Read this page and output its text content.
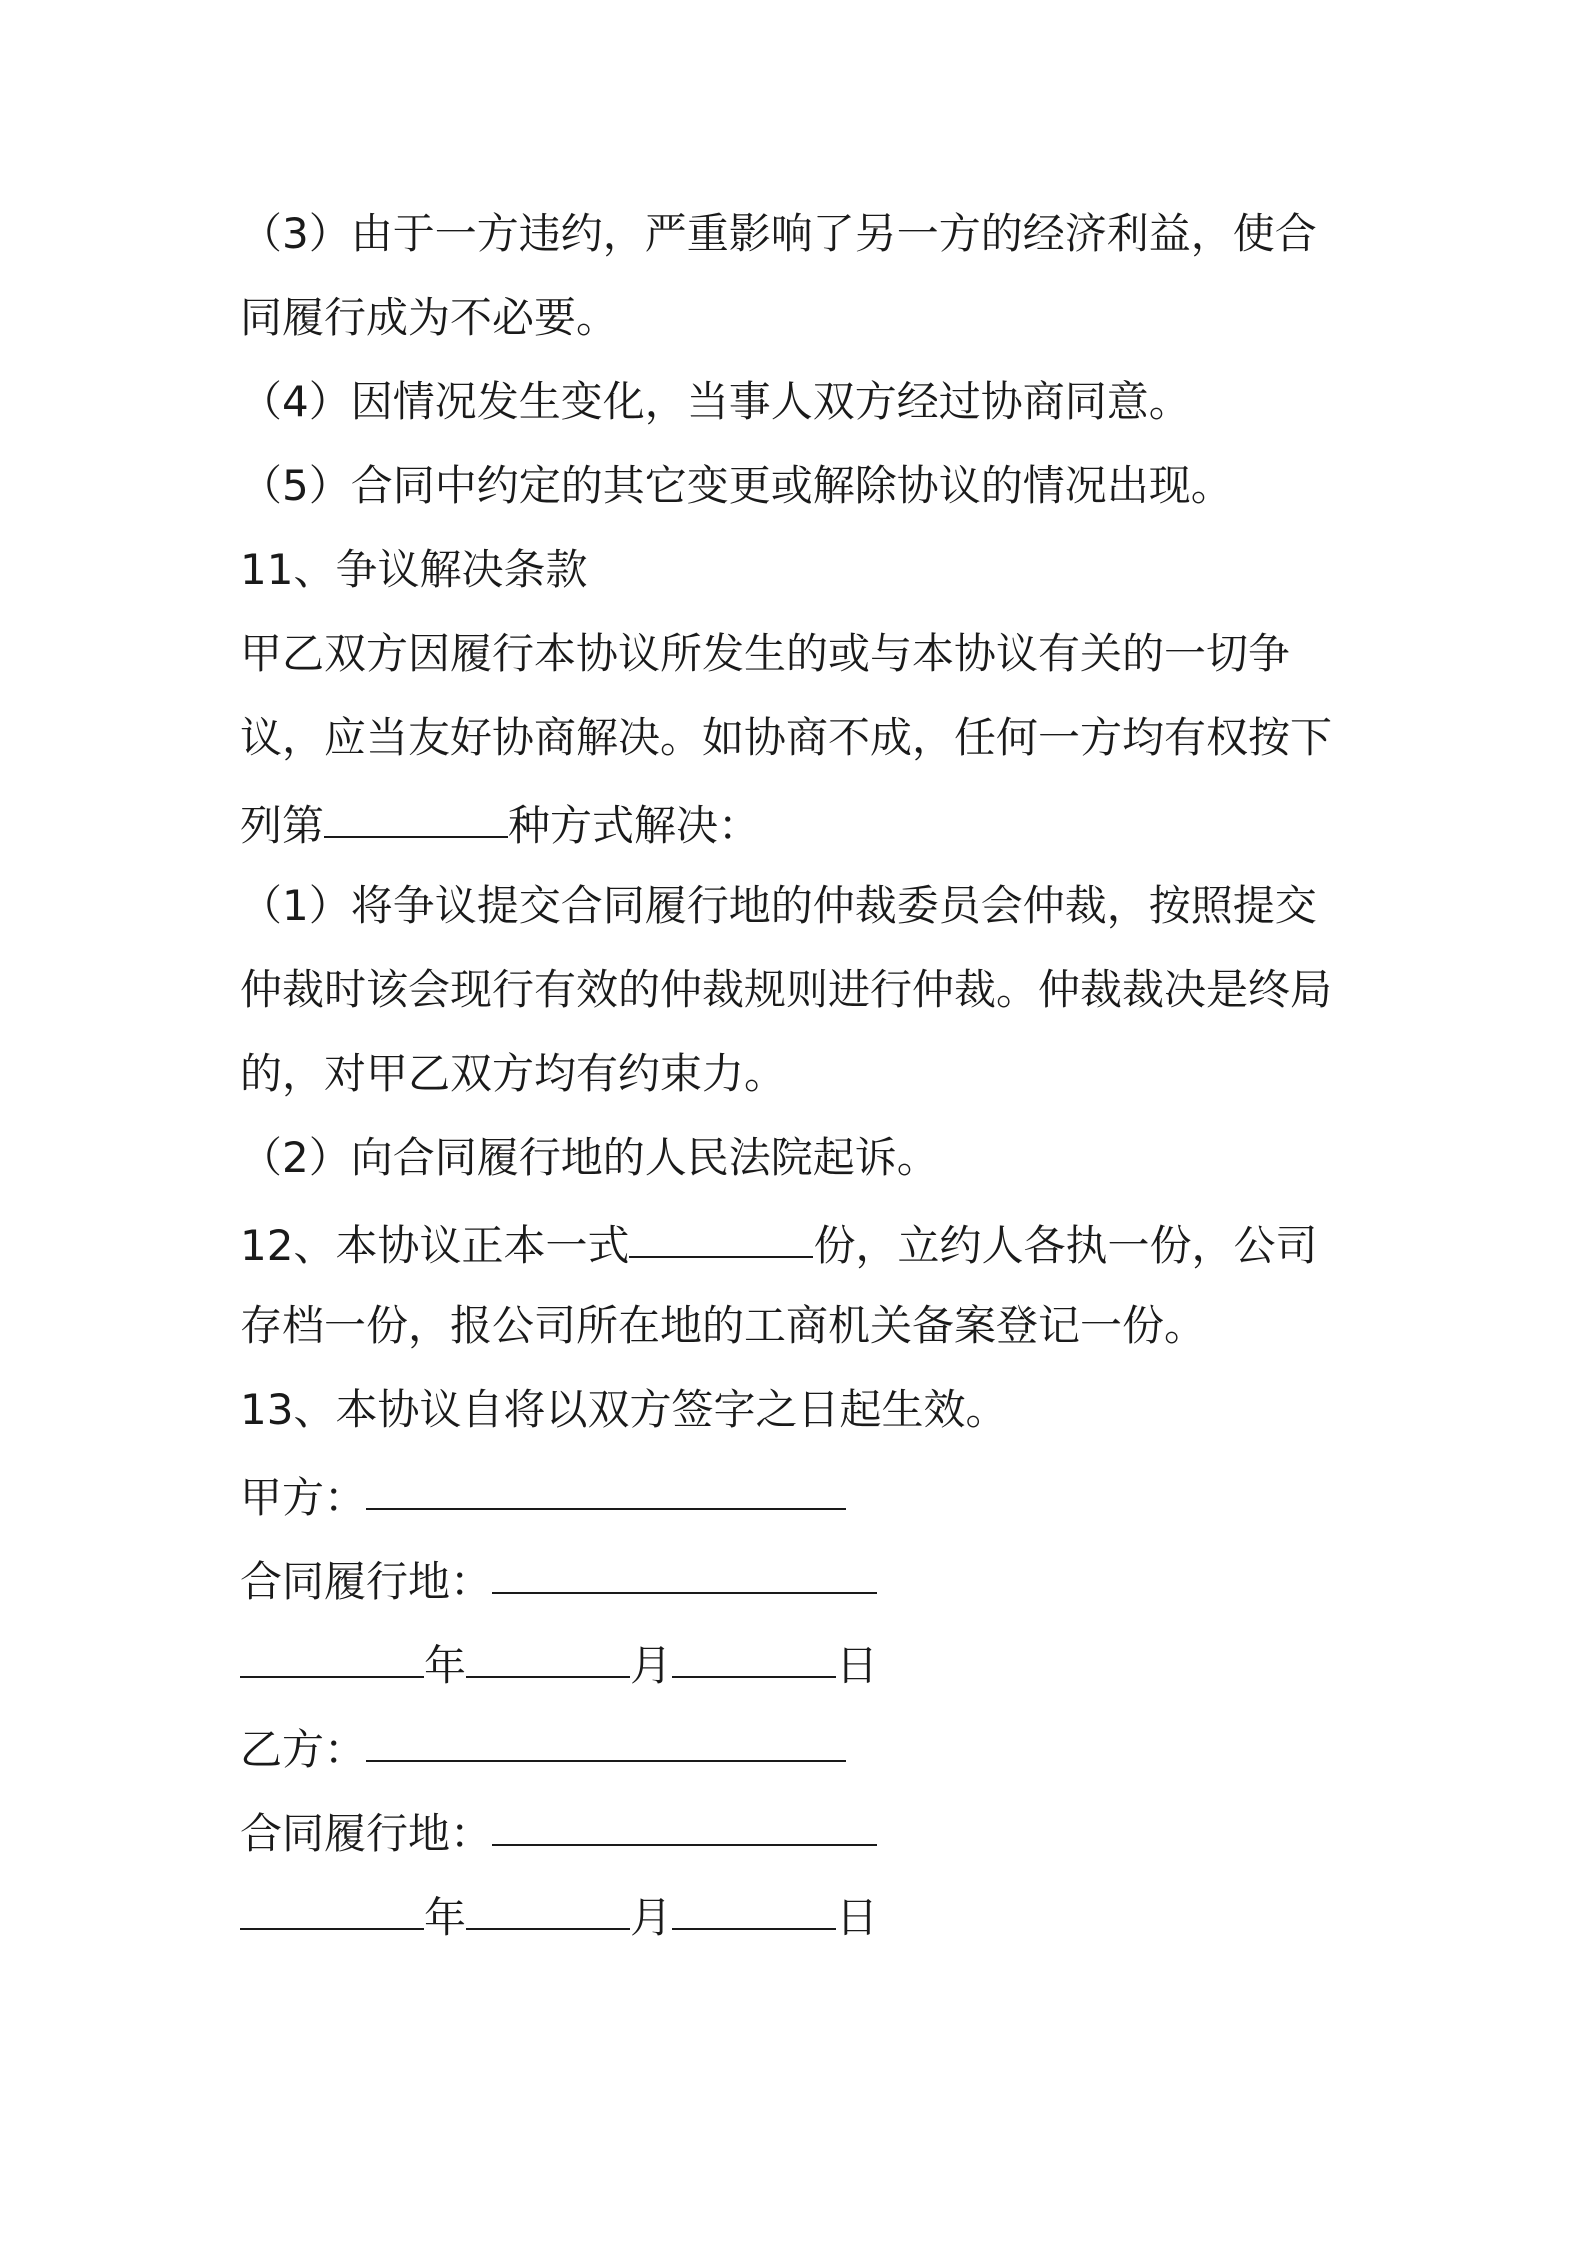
（3）由于一方违约，严重影响了另一方的经济利益，使合
同履行成为不必要。
（4）因情况发生变化，当事人双方经过协商同意。
（5）合同中约定的其它变更或解除协议的情况出现。
11、争议解决条款
甲乙双方因履行本协议所发生的或与本协议有关的一切争
议，应当友好协商解决。如协商不成，任何一方均有权按下
列第	种方式解决：
（1）将争议提交合同履行地的仲裁委员会仲裁，按照提交
仲裁时该会现行有效的仲裁规则进行仲裁。仲裁裁决是终局
的，对甲乙双方均有约束力。
（2）向合同履行地的人民法院起诉。
12、本协议正本一式	份，立约人各执一份，公司
存档一份，报公司所在地的工商机关备案登记一份。
13、本协议自将以双方签字之日起生效。
甲方：
合同履行地：
年	月	日
乙方：
合同履行地：
年	月	日
